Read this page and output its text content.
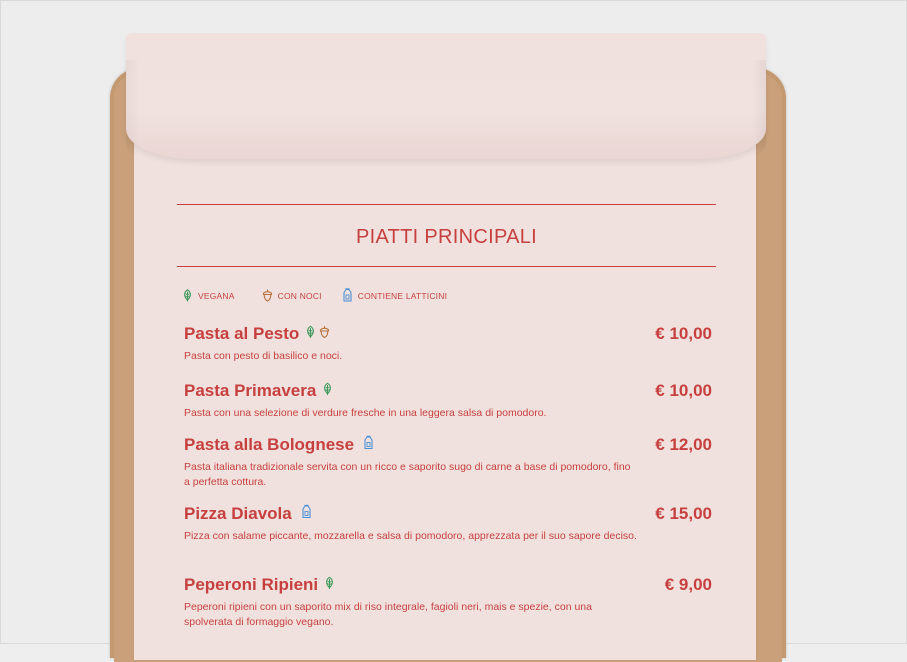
PIATTI PRINCIPALI
VEGANA	CON NOCI	CONTIENE LATTICINI
Pasta al Pesto	€ 10,00
Pasta con pesto di basilico e noci.
Pasta Primavera	€ 10,00
Pasta con una selezione di verdure fresche in una leggera salsa di pomodoro.
Pasta alla Bolognese	€ 12,00
Pasta italiana tradizionale servita con un ricco e saporito sugo di carne a base di pomodoro, fino a perfetta cottura.
Pizza Diavola	€ 15,00
Pizza con salame piccante, mozzarella e salsa di pomodoro, apprezzata per il suo sapore deciso.
Peperoni Ripieni	€ 9,00
Peperoni ripieni con un saporito mix di riso integrale, fagioli neri, mais e spezie, con una spolverata di formaggio vegano.
